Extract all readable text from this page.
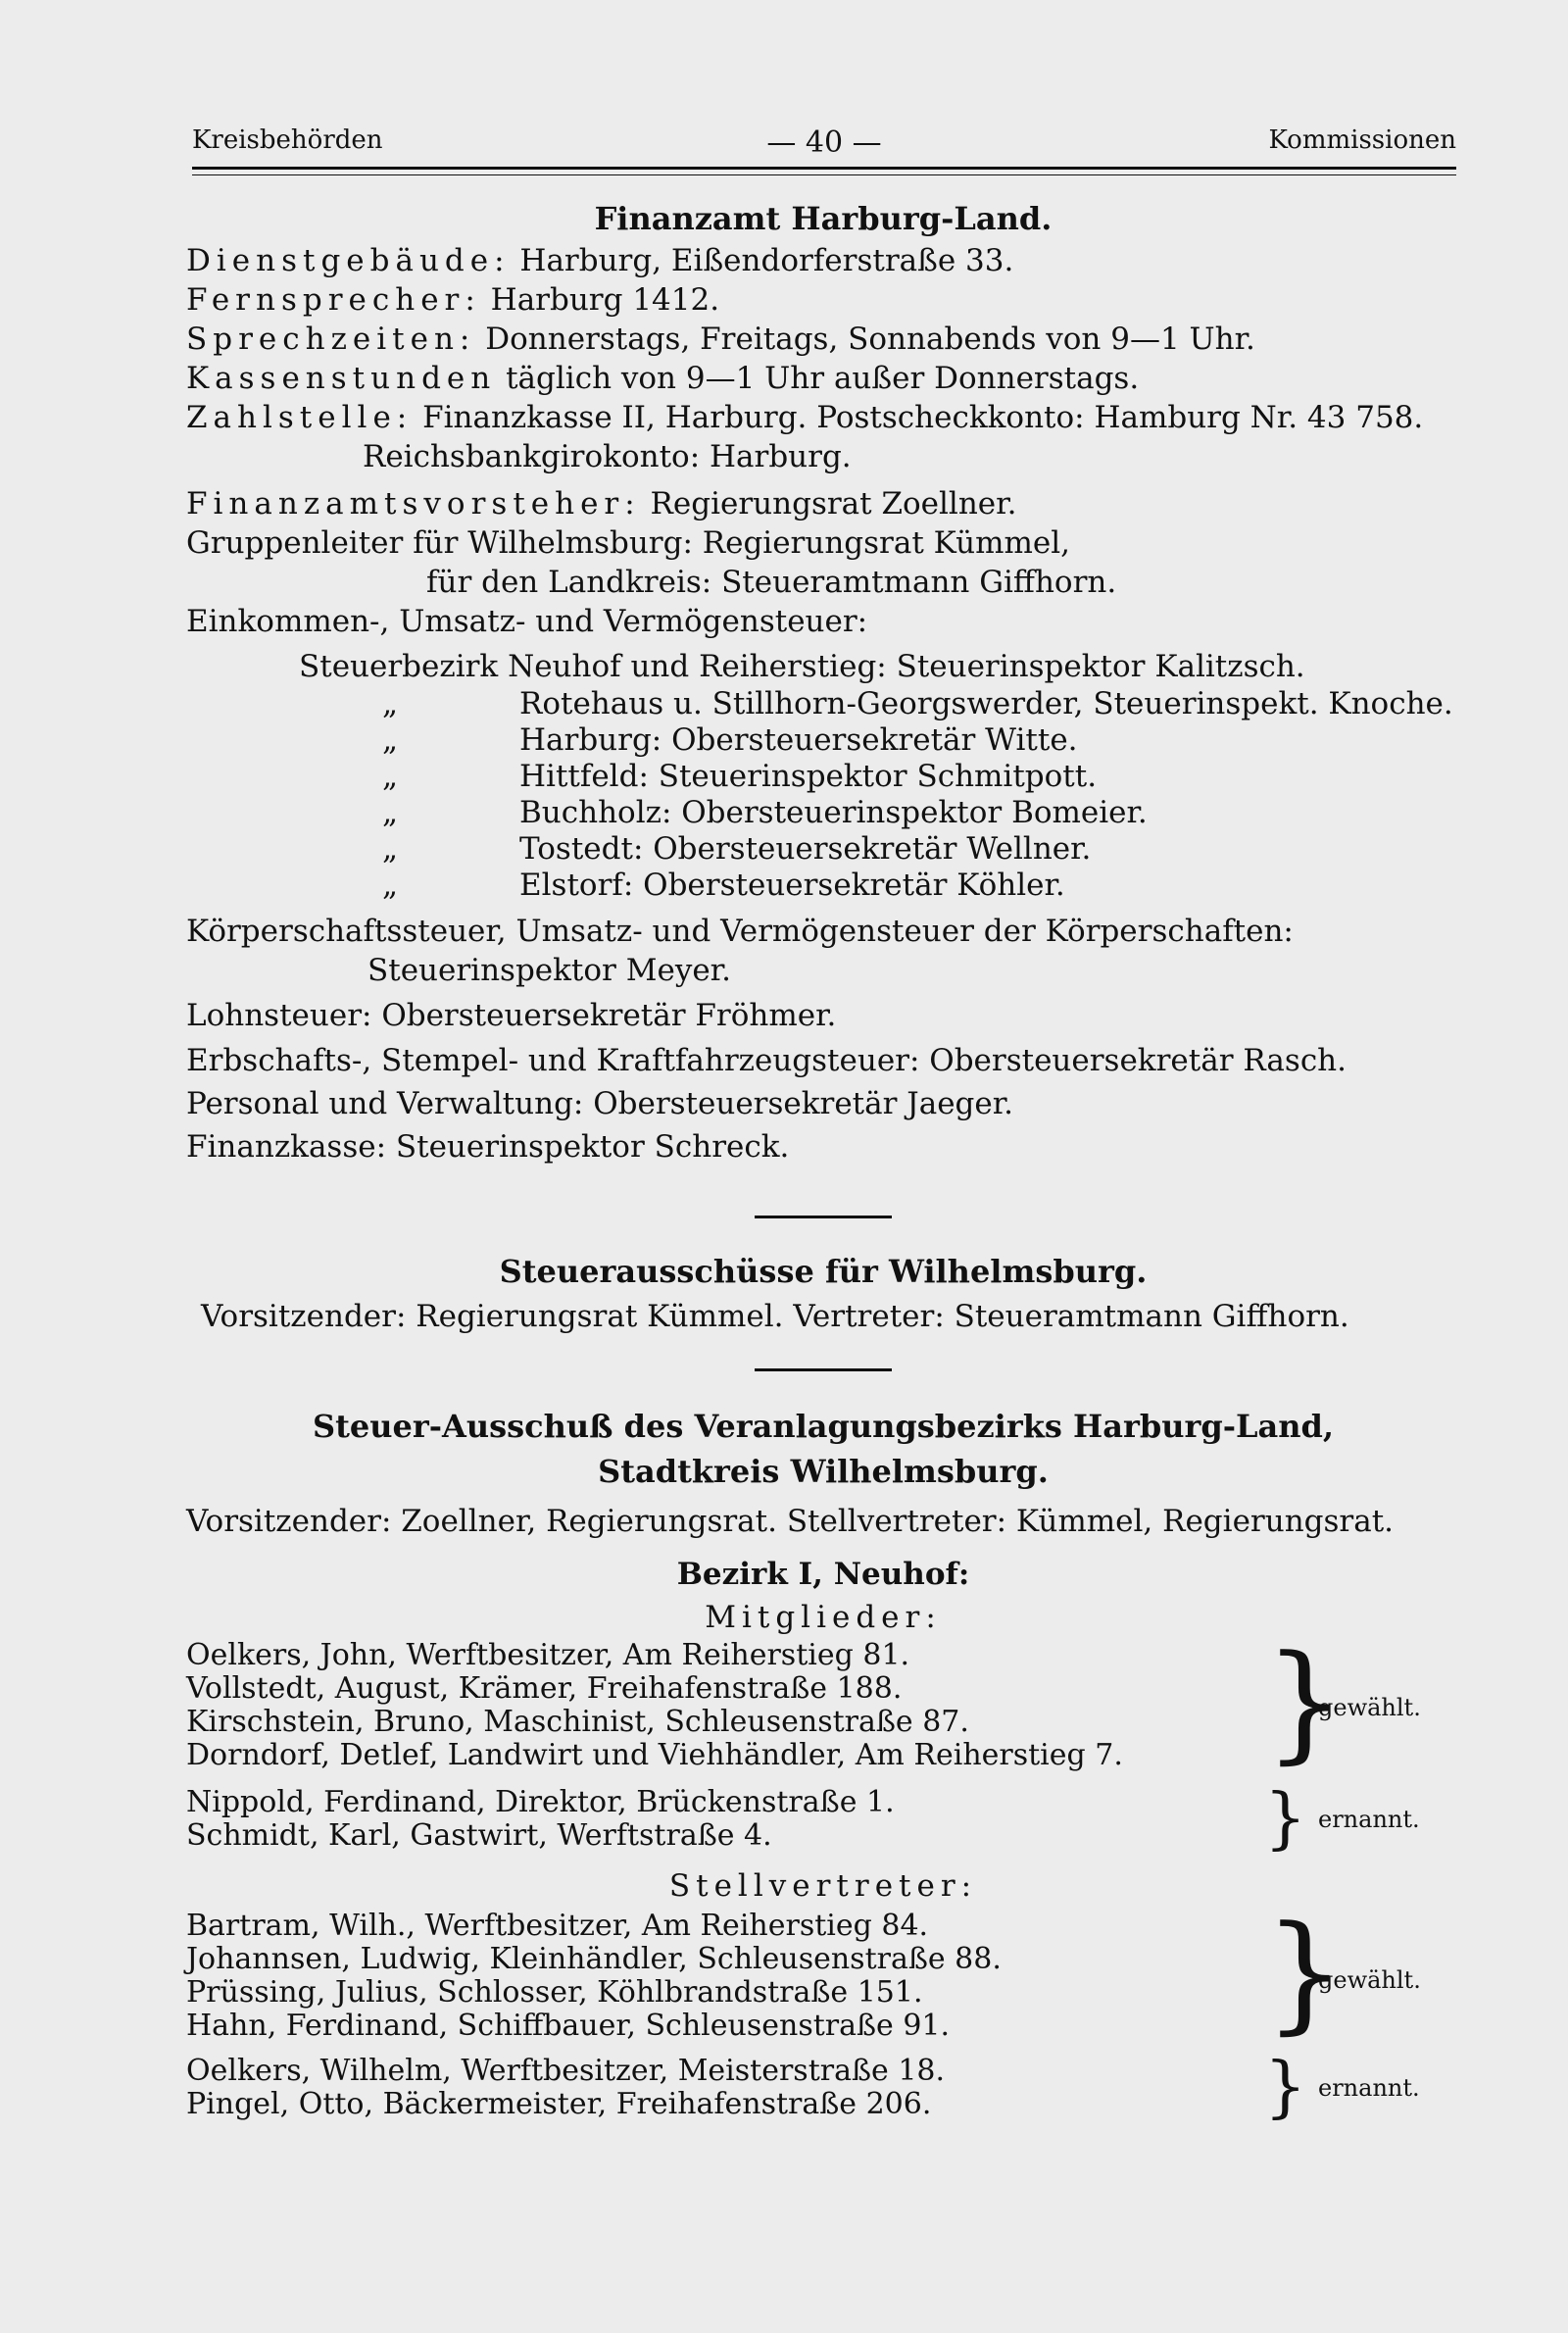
Kreisbehörden	— 40 —	Kommissionen
Finanzamt Harburg-Land.
Dienstgebäude: Harburg, Eißendorferstraße 33.
Fernsprecher: Harburg 1412.
Sprechzeiten: Donnerstags, Freitags, Sonnabends von 9—1 Uhr.
Kassenstunden täglich von 9—1 Uhr außer Donnerstags.
Zahlstelle: Finanzkasse II, Harburg. Postscheckkonto: Hamburg Nr. 43 758.
Reichsbankgirokonto: Harburg.
Finanzamtsvorsteher: Regierungsrat Zoellner.
Gruppenleiter für Wilhelmsburg: Regierungsrat Kümmel,
für den Landkreis: Steueramtmann Giffhorn.
Einkommen-, Umsatz- und Vermögensteuer:
Steuerbezirk Neuhof und Reiherstieg: Steuerinspektor Kalitzsch.
„	Rotehaus u. Stillhorn-Georgswerder, Steuerinspekt. Knoche.
„	Harburg: Obersteuersekretär Witte.
„	Hittfeld: Steuerinspektor Schmitpott.
„	Buchholz: Obersteuerinspektor Bomeier.
„	Tostedt: Obersteuersekretär Wellner.
„	Elstorf: Obersteuersekretär Köhler.
Körperschaftssteuer, Umsatz- und Vermögensteuer der Körperschaften:
Steuerinspektor Meyer.
Lohnsteuer: Obersteuersekretär Fröhmer.
Erbschafts-, Stempel- und Kraftfahrzeugsteuer: Obersteuersekretär Rasch.
Personal und Verwaltung: Obersteuersekretär Jaeger.
Finanzkasse: Steuerinspektor Schreck.
Steuerausschüsse für Wilhelmsburg.
Vorsitzender: Regierungsrat Kümmel. Vertreter: Steueramtmann Giffhorn.
Steuer-Ausschuß des Veranlagungsbezirks Harburg-Land,
Stadtkreis Wilhelmsburg.
Vorsitzender: Zoellner, Regierungsrat. Stellvertreter: Kümmel, Regierungsrat.
Bezirk I, Neuhof:
Mitglieder:
Oelkers, John, Werftbesitzer, Am Reiherstieg 81.
Vollstedt, August, Krämer, Freihafenstraße 188.
Kirschstein, Bruno, Maschinist, Schleusenstraße 87.
Dorndorf, Detlef, Landwirt und Viehhändler, Am Reiherstieg 7.	}
gewählt.
Nippold, Ferdinand, Direktor, Brückenstraße 1.
Schmidt, Karl, Gastwirt, Werftstraße 4.	} ernannt.
Stellvertreter:
Bartram, Wilh., Werftbesitzer, Am Reiherstieg 84.
Johannsen, Ludwig, Kleinhändler, Schleusenstraße 88.
Prüssing, Julius, Schlosser, Köhlbrandstraße 151.
Hahn, Ferdinand, Schiffbauer, Schleusenstraße 91.	}
gewählt.
Oelkers, Wilhelm, Werftbesitzer, Meisterstraße 18.
Pingel, Otto, Bäckermeister, Freihafenstraße 206.	} ernannt.
